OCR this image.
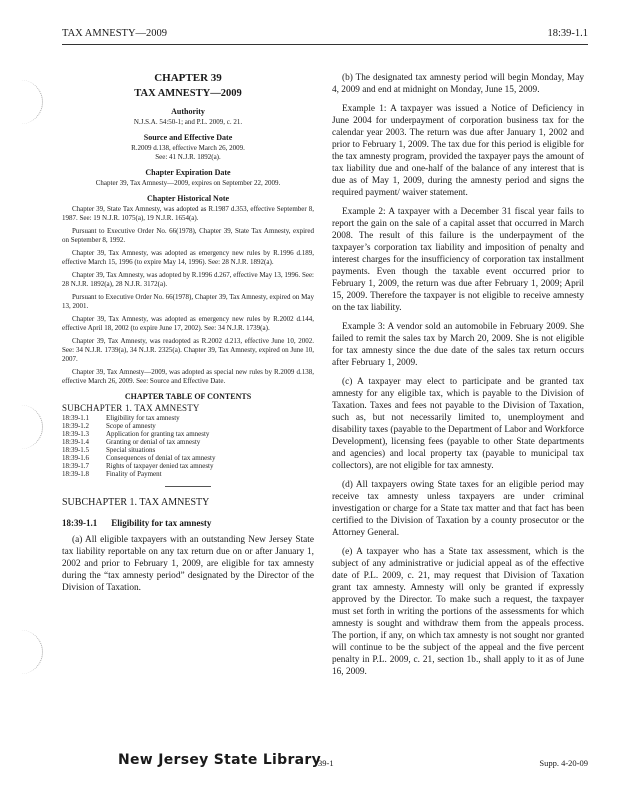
TAX AMNESTY—2009	18:39-1.1
CHAPTER 39
TAX AMNESTY—2009
Authority

N.J.S.A. 54:50-1; and P.L. 2009, c. 21.

Source and Effective Date

R.2009 d.138, effective March 26, 2009.

See: 41 N.J.R. 1892(a).

Chapter Expiration Date

Chapter 39, Tax Amnesty—2009, expires on September 22, 2009.

Chapter Historical Note

Chapter 39, State Tax Amnesty, was adopted as R.1987 d.353, effective September 8, 1987. See: 19 N.J.R. 1075(a), 19 N.J.R. 1654(a).

Pursuant to Executive Order No. 66(1978), Chapter 39, State Tax Amnesty, expired on September 8, 1992.

Chapter 39, Tax Amnesty, was adopted as emergency new rules by R.1996 d.189, effective March 15, 1996 (to expire May 14, 1996). See: 28 N.J.R. 1892(a).

Chapter 39, Tax Amnesty, was adopted by R.1996 d.267, effective May 13, 1996. See: 28 N.J.R. 1892(a), 28 N.J.R. 3172(a).

Pursuant to Executive Order No. 66(1978), Chapter 39, Tax Amnesty, expired on May 13, 2001.

Chapter 39, Tax Amnesty, was adopted as emergency new rules by R.2002 d.144, effective April 18, 2002 (to expire June 17, 2002). See: 34 N.J.R. 1739(a).

Chapter 39, Tax Amnesty, was readopted as R.2002 d.213, effective June 10, 2002. See: 34 N.J.R. 1739(a), 34 N.J.R. 2325(a). Chapter 39, Tax Amnesty, expired on June 10, 2007.

Chapter 39, Tax Amnesty—2009, was adopted as special new rules by R.2009 d.138, effective March 26, 2009. See: Source and Effective Date.

CHAPTER TABLE OF CONTENTS
SUBCHAPTER 1. TAX AMNESTY
18:39-1.1 Eligibility for tax amnesty
18:39-1.2 Scope of amnesty
18:39-1.3 Application for granting tax amnesty
18:39-1.4 Granting or denial of tax amnesty
18:39-1.5 Special situations
18:39-1.6 Consequences of denial of tax amnesty
18:39-1.7 Rights of taxpayer denied tax amnesty
18:39-1.8 Finality of Payment
SUBCHAPTER 1. TAX AMNESTY
18:39-1.1 Eligibility for tax amnesty

(a) All eligible taxpayers with an outstanding New Jersey State tax liability reportable on any tax return due on or after January 1, 2002 and prior to February 1, 2009, are eligible for tax amnesty during the “tax amnesty period” designated by the Director of the Division of Taxation.

(b) The designated tax amnesty period will begin Monday, May 4, 2009 and end at midnight on Monday, June 15, 2009.

Example 1: A taxpayer was issued a Notice of Deficiency in June 2004 for underpayment of corporation business tax for the calendar year 2003. The return was due after January 1, 2002 and prior to February 1, 2009. The tax due for this period is eligible for the tax amnesty program, provided the taxpayer pays the amount of tax liability due and one-half of the balance of any interest that is due as of May 1, 2009, during the amnesty period and signs the required payment/ waiver statement.

Example 2: A taxpayer with a December 31 fiscal year fails to report the gain on the sale of a capital asset that occurred in March 2008. The result of this failure is the underpayment of the taxpayer’s corporation tax liability and imposition of penalty and interest charges for the insufficiency of corporation tax installment payments. Even though the taxable event occurred prior to February 1, 2009, the return was due after February 1, 2009; April 15, 2009. Therefore the taxpayer is not eligible to receive amnesty on the tax liability.

Example 3: A vendor sold an automobile in February 2009. She failed to remit the sales tax by March 20, 2009. She is not eligible for tax amnesty since the due date of the sales tax return occurs after February 1, 2009.

(c) A taxpayer may elect to participate and be granted tax amnesty for any eligible tax, which is payable to the Division of Taxation. Taxes and fees not payable to the Division of Taxation, such as, but not necessarily limited to, unemployment and disability taxes (payable to the Department of Labor and Workforce Development), licensing fees (payable to other State departments and agencies) and local property tax (payable to municipal tax collectors), are not eligible for tax amnesty.

(d) All taxpayers owing State taxes for an eligible period may receive tax amnesty unless taxpayers are under criminal investigation or charge for a State tax matter and that fact has been certified to the Division of Taxation by a county prosecutor or the Attorney General.

(e) A taxpayer who has a State tax assessment, which is the subject of any administrative or judicial appeal as of the effective date of P.L. 2009, c. 21, may request that Division of Taxation grant tax amnesty. Amnesty will only be granted if expressly approved by the Director. To make such a request, the taxpayer must set forth in writing the portions of the assessments for which amnesty is sought and withdraw them from the appeals process. The portion, if any, on which tax amnesty is not sought nor granted will continue to be the subject of the appeal and the five percent penalty in P.L. 2009, c. 21, section 1b., shall apply to it as of June 16, 2009.

New Jersey State Library
39-1	Supp. 4-20-09
